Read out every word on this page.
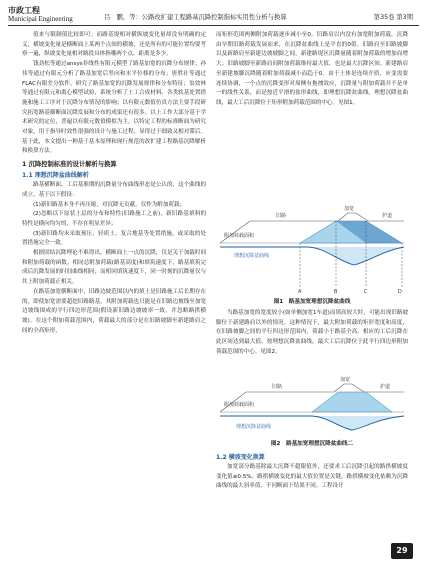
市政工程
Municipal Engineering	吕　鹏，等：公路改扩建工程路基沉降控制指标实用性分析与换算	第35卷 第3期

值来与限制值比较即可；而路基堤相对横纵坡变化量却没有明确的定义，横坡变化量是横断面上某两个点间的横坡，还是所有的可能位置均要考察一遍，纵坡变化量相对路段具体指哪两个点、距离是多少。

钱劲松等通过ansys非线性有限元模型了路基加宽的沉降分布规律；孙伟等通过有限元分析了路基加宽后竖向和水平位移的分布；唐胜社等通过FLAC有限差分软件，研究了路基加宽的沉降发展规律和分布特征；翁效林等通过有限元和离心模型试验，系统分析了土工合成材料、各类软基处置措施和施工工序对于沉降分布情况的影响；以有限元数值仿真方法主要手段研究拓宽路基横断面沉降发展和分布的成果还有很多。以上工作大部分基于学术研究的定位，普遍以有限元数值模拟为主，以特定工程的标准断面为研究对象，用于指导时效性很强的设计与施工过程，显得过于细致又相对滞后。基于此，本文提出一种基于基本原理和现行规范的改扩建工程路基沉降解析和换算方法。

1 沉降控制标准的设计解析与换算
1.1 理想沉降盆曲线解析

路基横断面、工后基准期的沉降量分布曲线形态是公认的，这个曲线的成立，基于以下假设：

(1)新旧路基本身不再压缩，对沉降无贡献，仅作为附加荷载；

(2)忽略以下原状土层的分布和特性(旧路施工之前)，新旧路基填料的特性是横向均匀的，不存在明显差异；

(3)新旧路均未采取预压、轻质土、复合地基等处置措施，或采取的处置措施完全一致。

根据固结沉降理论不难得出，横断面上一点的沉降，仅是关于加载时间和附加荷载的函数。相同总附加荷载(路基高度)和填筑速度下，路基填筑完成后沉降发展的时间曲线相同；而相同填筑速度下，同一时刻的沉降量仅与其上附加荷载正相关。

在路基加宽横断面中，旧路边坡范围以内的填土是旧路施工后长期存在的，即使加宽需要超挖旧路路基，其附加荷载也只能是在旧路边坡线至加宽边坡线围成的平行四边形范围(假设新旧路边坡坡率一致，并忽略路拱横坡)。在这个附加荷载范围内，荷载最大的部分是在旧路坡脚至新建路肩之间的全高矩形，

而矩形范围两侧附加荷载逐步减小至0。旧路肩以内没有加宽附加荷载，沉降由早期旧路荷载发展而来，在沉降盆曲线上是平直的0值。旧路肩至旧路坡脚以及新路肩至新建边坡坡脚之间，新建路堤区沉降量随着附加荷载的增加而增大；旧路坡脚至新路肩间附加荷载维持最大值，也是最大沉降区间。新建路肩至新建坡脚沉降随着附加荷载减小而趋于0。由于土体是连续介质，应变需要连续协调，一个点的沉降变形对周侧有拖拽效应，沉降量与附加荷载并不是单一的线性关系，而是按近平滑的盆形曲线，即理想沉降盆曲线。理想沉降盆曲线，最大工后沉降位于矩形附加荷载范围的中心。见图1。

旧路
加宽
护道
理想沉降盆曲线
附加荷载面积
A	B	C	D
图1　路基加宽理想沉降盆曲线

当路基加宽的宽度较小(如单侧加宽1车道)而填高较大时，可能出现旧路坡脚位于新建路肩以外的情况。这种情况下，最大附加荷载的矩形宽度和高度，在旧路坡脚之间的平行四边形范围内，荷载小于路基全高。相应的工后沉降在此区间达到最大值。按理想沉降盆曲线，最大工后沉降位于此平行四边形附加荷载范围的中心。见图2。

旧路
加宽
护道
理想沉降盆曲线
附加荷载面积
图2　路基加宽理想沉降盆曲线二
1.2 横坡变化换算

加宽部分路基除最大沉降不超限值外，还要求工后沉降引起的路拱横坡度变化值≤0.5%。路拱横坡变化的最大值位置是关键，路拱横坡变化依赖为沉降曲线的最大斜率值，不同断面下结果不同。工程设计

29
